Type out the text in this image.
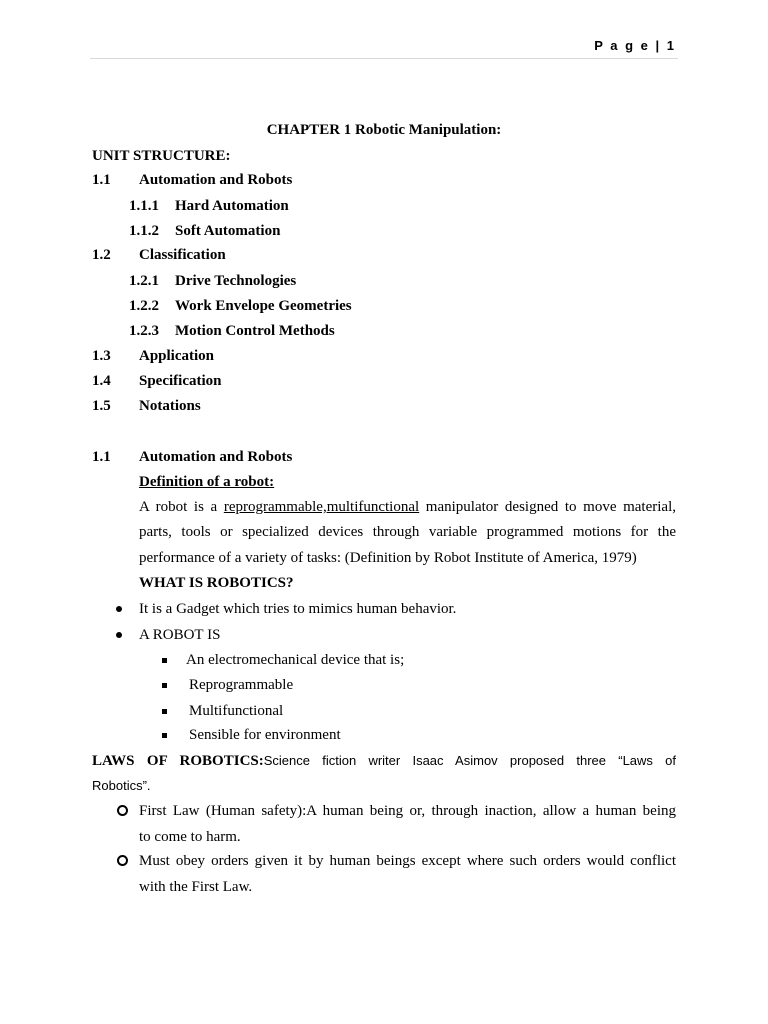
P a g e | 1
CHAPTER 1 Robotic Manipulation:
UNIT STRUCTURE:
1.1	Automation and Robots
1.1.1	Hard Automation
1.1.2	Soft Automation
1.2	Classification
1.2.1	Drive Technologies
1.2.2	Work Envelope Geometries
1.2.3	Motion Control Methods
1.3	Application
1.4	Specification
1.5	Notations
1.1	Automation and Robots
Definition of a robot:
A robot is a reprogrammable,multifunctional manipulator designed to move material,
parts, tools or specialized devices through variable programmed motions for the
performance of a variety of tasks: (Definition by Robot Institute of America, 1979)
WHAT IS ROBOTICS?
It is a Gadget which tries to mimics human behavior.
A ROBOT IS
An electromechanical device that is;
Reprogrammable
Multifunctional
Sensible for environment
LAWS OF ROBOTICS:Science fiction writer Isaac Asimov proposed three “Laws of
Robotics”.
First Law (Human safety):A human being or, through inaction, allow a human being
to come to harm.
Must obey orders given it by human beings except where such orders would conflict
with the First Law.
